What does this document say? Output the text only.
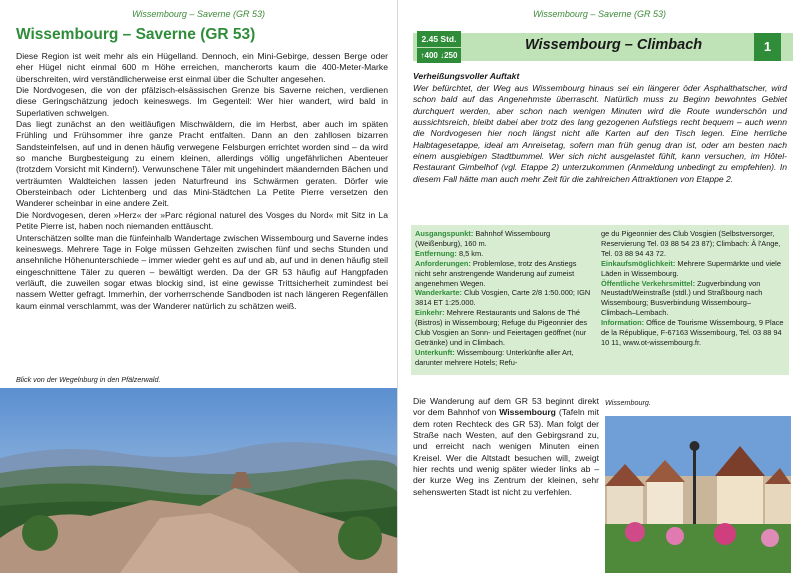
Wissembourg – Saverne (GR 53)
Wissembourg – Saverne (GR 53)

Diese Region ist weit mehr als ein Hügelland. Dennoch, ein Mini-Gebirge, dessen Berge oder eher Hügel nicht einmal 600 m Höhe erreichen, mancherorts kaum die 400-Meter-Marke überschreiten, wird verständlicherweise erst einmal über die Schulter angesehen.

Die Nordvogesen, die von der pfälzisch-elsässischen Grenze bis Saverne reichen, verdienen diese Geringschätzung jedoch keineswegs. Im Gegenteil: Wer hier wandert, wird bald in Superlativen schwelgen.

Das liegt zunächst an den weitläufigen Mischwäldern, die im Herbst, aber auch im späten Frühling und Frühsommer ihre ganze Pracht entfalten. Dann an den zahllosen bizarren Sandsteinfelsen, auf und in denen häufig verwegene Felsburgen errichtet worden sind – da wird so manche Burgbesteigung zu einem kleinen, allerdings völlig ungefährlichen Abenteuer (trotzdem Vorsicht mit Kindern!). Verwunschene Täler mit ungehindert mäandernden Bächen und verträumten Waldteichen lassen jeden Naturfreund ins Schwärmen geraten. Dörfer wie Obersteinbach oder Lichtenberg und das Mini-Städtchen La Petite Pierre versetzen den Wanderer scheinbar in eine andere Zeit.

Die Nordvogesen, deren »Herz« der »Parc régional naturel des Vosges du Nord« mit Sitz in La Petite Pierre ist, haben noch niemanden enttäuscht.

Unterschätzen sollte man die fünfeinhalb Wandertage zwischen Wissembourg und Saverne indes keineswegs. Mehrere Tage in Folge müssen Gehzeiten zwischen fünf und sechs Stunden und ansehnliche Höhenunterschiede – immer wieder geht es auf und ab, auf und in denen häufig steil eingeschnittene Täler zu queren – bewältigt werden. Da der GR 53 häufig auf Hangpfaden verläuft, die zuweilen sogar etwas blockig sind, ist eine gewisse Trittsicherheit zumindest bei nassem Wetter gefragt. Immerhin, der vorherrschende Sandboden ist nach längeren Regenfällen kaum einmal verschlammt, was der Wanderer natürlich zu schätzen weiß.

Blick von der Wegelnburg in den Pfälzerwald.
Wissembourg – Saverne (GR 53)
2.45 Std.
↑400 ↓250
Wissembourg – Climbach	1
Verheißungsvoller Auftakt
Wer befürchtet, der Weg aus Wissembourg hinaus sei ein längerer öder Asphalthatscher, wird schon bald auf das Angenehmste überrascht. Natürlich muss zu Beginn bewohntes Gebiet durchquert werden, aber schon nach wenigen Minuten wird die Route wunderschön und aussichtsreich, bleibt dabei aber trotz des lang gezogenen Aufstiegs recht bequem – auch wenn die Nordvogesen hier noch längst nicht alle Karten auf den Tisch legen. Eine herrliche Halbtagesetappe, ideal am Anreisetag, sofern man früh genug dran ist, oder am besten nach einem ausgiebigen Stadtbummel. Wer sich nicht ausgelastet fühlt, kann versuchen, im Hôtel-Restaurant Gimbelhof (vgl. Etappe 2) unterzukommen (Anmeldung unbedingt zu empfehlen). In diesem Fall hätte man auch mehr Zeit für die zahlreichen Attraktionen von Etappe 2.

Ausgangspunkt: Bahnhof Wissembourg (Weißenburg), 160 m.

Entfernung: 8,5 km.

Anforderungen: Problemlose, trotz des Anstiegs nicht sehr anstrengende Wanderung auf zumeist angenehmen Wegen.

Wanderkarte: Club Vosgien, Carte 2/8 1:50.000; IGN 3814 ET 1:25.000.

Einkehr: Mehrere Restaurants und Salons de Thé (Bistros) in Wissembourg; Refuge du Pigeonnier des Club Vosgien an Sonn- und Feiertagen geöffnet (nur Getränke) und in Climbach.

Unterkunft: Wissembourg: Unterkünfte aller Art, darunter mehrere Hotels; Refu-

ge du Pigeonnier des Club Vosgien (Selbstversorger, Reservierung Tel. 03 88 54 23 87); Climbach: À l'Ange, Tel. 03 88 94 43 72.

Einkaufsmöglichkeit: Mehrere Supermärkte und viele Läden in Wissembourg.

Öffentliche Verkehrsmittel: Zugverbindung von Neustadt/Weinstraße (stdl.) und Straßbourg nach Wissembourg; Busverbindung Wissembourg–Climbach–Lembach.

Information: Office de Tourisme Wissembourg, 9 Place de la République, F-67163 Wissembourg, Tel. 03 88 94 10 11, www.ot-wissembourg.fr.

Die Wanderung auf dem GR 53 beginnt direkt vor dem Bahnhof von Wissembourg (Tafeln mit dem roten Rechteck des GR 53). Man folgt der Straße nach Westen, auf den Gebirgsrand zu, und erreicht nach wenigen Minuten einen Kreisel. Wer die Altstadt besuchen will, zweigt hier rechts und wenig später wieder links ab – der kurze Weg ins Zentrum der kleinen, sehr sehenswerten Stadt ist nicht zu verfehlen.
Wissembourg.
